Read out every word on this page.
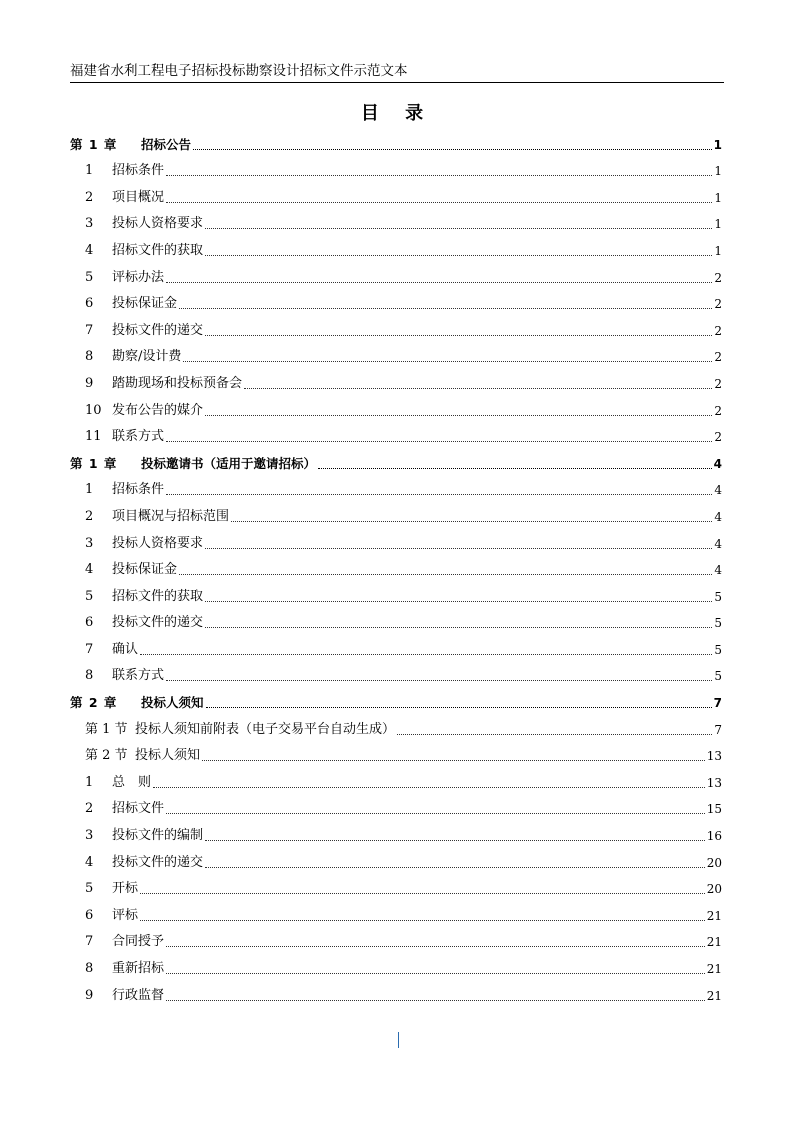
福建省水利工程电子招标投标勘察设计招标文件示范文本
目 录
第 1 章	招标公告	1
1	招标条件	1
2	项目概况	1
3	投标人资格要求	1
4	招标文件的获取	1
5	评标办法	2
6	投标保证金	2
7	投标文件的递交	2
8	勘察/设计费	2
9	踏勘现场和投标预备会	2
10 发布公告的媒介	2
11 联系方式	2
第 1 章	投标邀请书（适用于邀请招标）	4
1	招标条件	4
2	项目概况与招标范围	4
3	投标人资格要求	4
4	投标保证金	4
5	招标文件的获取	5
6	投标文件的递交	5
7	确认	5
8	联系方式	5
第 2 章	投标人须知	7
第 1 节 投标人须知前附表（电子交易平台自动生成）	7
第 2 节 投标人须知	13
1	总　则	13
2	招标文件	15
3	投标文件的编制	16
4	投标文件的递交	20
5	开标	20
6	评标	21
7	合同授予	21
8	重新招标	21
9	行政监督	21
